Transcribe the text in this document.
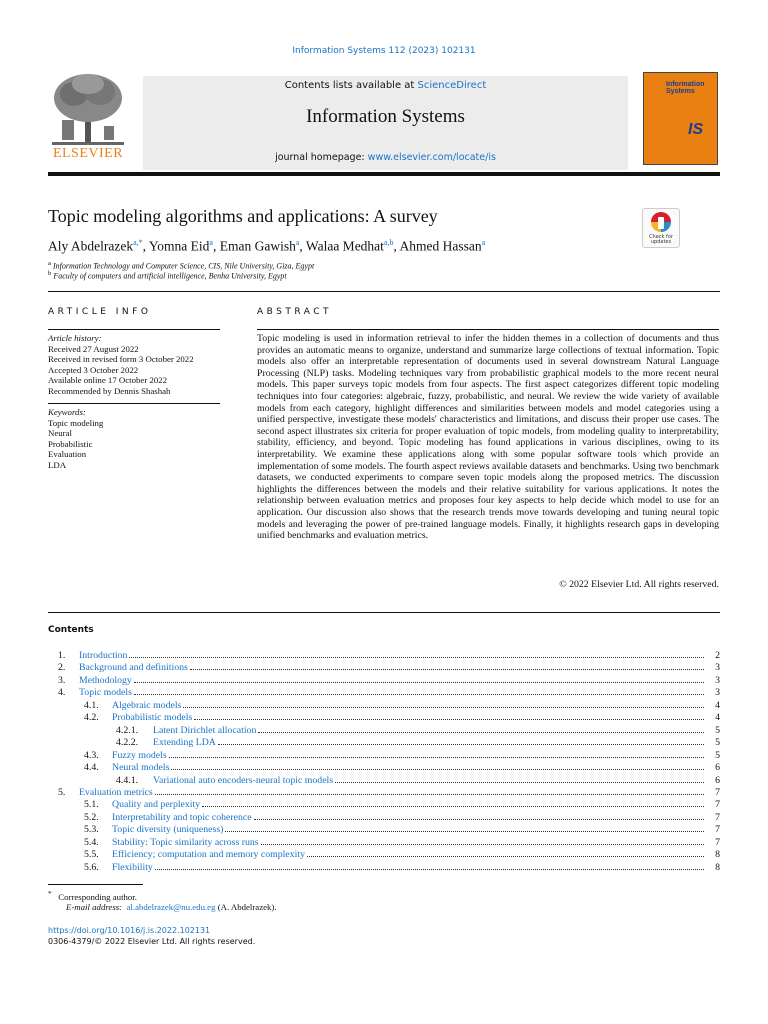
Information Systems 112 (2023) 102131
ELSEVIER
Contents lists available at ScienceDirect
Information Systems
journal homepage: www.elsevier.com/locate/is
Information Systems
IS
Topic modeling algorithms and applications: A survey
Check for updates
Aly Abdelrazek$^{a,*}$, Yomna Eid$^a$, Eman Gawish$^a$, Walaa Medhat$^{a,b}$, Ahmed Hassan$^a$
$^a$ Information Technology and Computer Science, CIS, Nile University, Giza, Egypt
$^b$ Faculty of computers and artificial intelligence, Benha University, Egypt
ARTICLE INFO	ABSTRACT
Article history:
Received 27 August 2022
Received in revised form 3 October 2022
Accepted 3 October 2022
Available online 17 October 2022
Recommended by Dennis Shashah
Keywords:
Topic modeling
Neural
Probabilistic
Evaluation
LDA
Topic modeling is used in information retrieval to infer the hidden themes in a collection of documents and thus provides an automatic means to organize, understand and summarize large collections of textual information. Topic models also offer an interpretable representation of documents used in several downstream Natural Language Processing (NLP) tasks. Modeling techniques vary from probabilistic graphical models to the more recent neural models. This paper surveys topic models from four aspects. The first aspect categorizes different topic modeling techniques into four categories: algebraic, fuzzy, probabilistic, and neural. We review the wide variety of available models from each category, highlight differences and similarities between models and model categories using a unified perspective, investigate these models' characteristics and limitations, and discuss their proper use cases. The second aspect illustrates six criteria for proper evaluation of topic models, from modeling quality to interpretability, stability, efficiency, and beyond. Topic modeling has found applications in various disciplines, owing to its interpretability. We examine these applications along with some popular software tools which provide an implementation of some models. The fourth aspect reviews available datasets and benchmarks. Using two benchmark datasets, we conducted experiments to compare seven topic models along the proposed metrics. The discussion highlights the differences between the models and their relative suitability for various applications. It notes the relationship between evaluation metrics and proposes four key aspects to help decide which model to use for an application. Our discussion also shows that the research trends move towards developing and tuning neural topic models and leveraging the power of pre-trained language models. Finally, it highlights research gaps in developing unified benchmarks and evaluation metrics.
© 2022 Elsevier Ltd. All rights reserved.
Contents
1. Introduction	2
2. Background and definitions	3
3. Methodology	3
4. Topic models	3
4.1. Algebraic models	4
4.2. Probabilistic models	4
4.2.1. Latent Dirichlet allocation	5
4.2.2. Extending LDA	5
4.3. Fuzzy models	5
4.4. Neural models	6
4.4.1. Variational auto encoders-neural topic models	6
5. Evaluation metrics	7
5.1. Quality and perplexity	7
5.2. Interpretability and topic coherence	7
5.3. Topic diversity (uniqueness)	7
5.4. Stability: Topic similarity across runs	7
5.5. Efficiency; computation and memory complexity	8
5.6. Flexibility	8
* Corresponding author.
E-mail address: al.abdelrazek@nu.edu.eg (A. Abdelrazek).
https://doi.org/10.1016/j.is.2022.102131
0306-4379/© 2022 Elsevier Ltd. All rights reserved.
